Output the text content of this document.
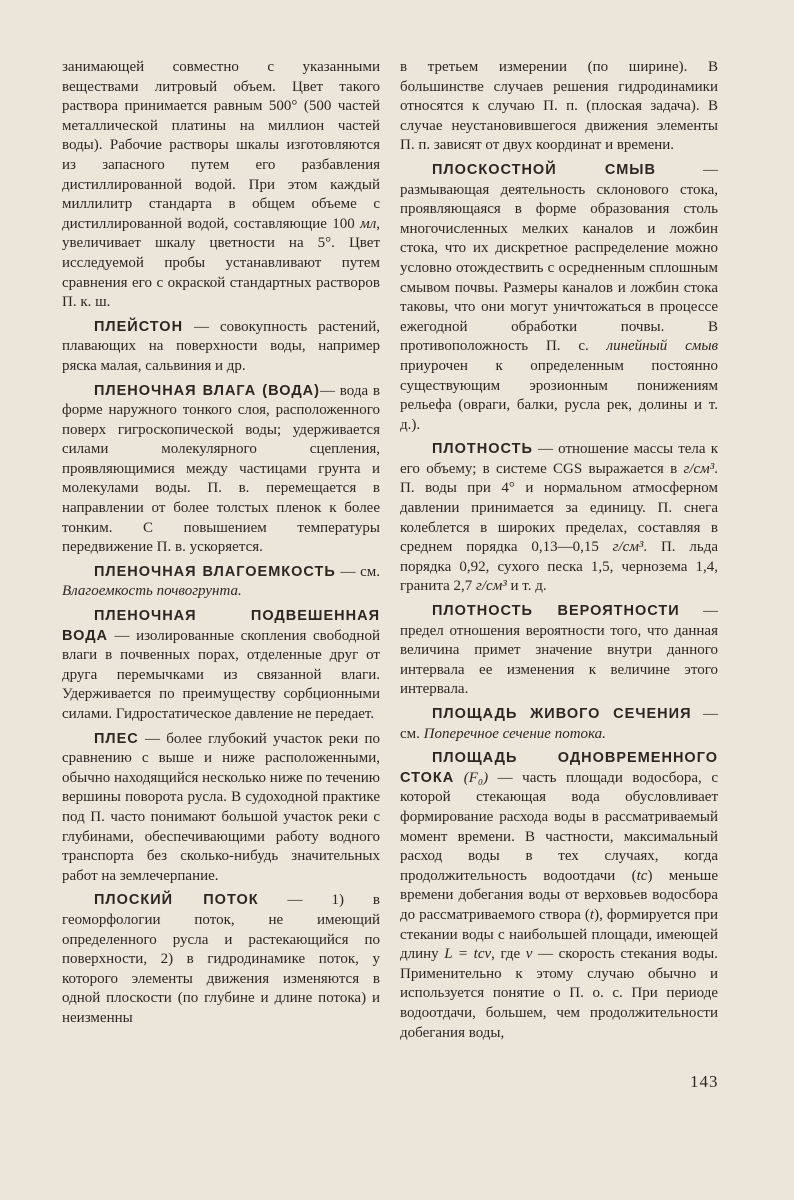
занимающей совместно с указанными веществами литровый объем. Цвет такого раствора принимается равным 500° (500 частей металлической платины на миллион частей воды). Рабочие растворы шкалы изготовляются из запасного путем его разбавления дистиллированной водой. При этом каждый миллилитр стандарта в общем объеме с дистиллированной водой, составляющие 100 мл, увеличивает шкалу цветности на 5°. Цвет исследуемой пробы устанавливают путем сравнения его с окраской стандартных растворов П. к. ш.

ПЛЕЙСТОН — совокупность растений, плавающих на поверхности воды, например ряска малая, сальвиния и др.

ПЛЕНОЧНАЯ ВЛАГА (ВОДА)— вода в форме наружного тонкого слоя, расположенного поверх гигроскопической воды; удерживается силами молекулярного сцепления, проявляющимися между частицами грунта и молекулами воды. П. в. перемещается в направлении от более толстых пленок к более тонким. С повышением температуры передвижение П. в. ускоряется.

ПЛЕНОЧНАЯ ВЛАГОЕМКОСТЬ — см. Влагоемкость почвогрунта.

ПЛЕНОЧНАЯ ПОДВЕШЕННАЯ ВОДА — изолированные скопления свободной влаги в почвенных порах, отделенные друг от друга перемычками из связанной влаги. Удерживается по преимуществу сорбционными силами. Гидростатическое давление не передает.

ПЛЕС — более глубокий участок реки по сравнению с выше и ниже расположенными, обычно находящийся несколько ниже по течению вершины поворота русла. В судоходной практике под П. часто понимают большой участок реки с глубинами, обеспечивающими работу водного транспорта без сколько-нибудь значительных работ на землечерпание.

ПЛОСКИЙ ПОТОК — 1) в геоморфологии поток, не имеющий определенного русла и растекающийся по поверхности, 2) в гидродинамике поток, у которого элементы движения изменяются в одной плоскости (по глубине и длине потока) и неизменны

в третьем измерении (по ширине). В большинстве случаев решения гидродинамики относятся к случаю П. п. (плоская задача). В случае неустановившегося движения элементы П. п. зависят от двух координат и времени.

ПЛОСКОСТНОЙ СМЫВ — размывающая деятельность склонового стока, проявляющаяся в форме образования столь многочисленных мелких каналов и ложбин стока, что их дискретное распределение можно условно отождествить с осредненным сплошным смывом почвы. Размеры каналов и ложбин стока таковы, что они могут уничтожаться в процессе ежегодной обработки почвы. В противоположность П. с. линейный смыв приурочен к определенным постоянно существующим эрозионным понижениям рельефа (овраги, балки, русла рек, долины и т. д.).

ПЛОТНОСТЬ — отношение массы тела к его объему; в системе CGS выражается в г/см³. П. воды при 4° и нормальном атмосферном давлении принимается за единицу. П. снега колеблется в широких пределах, составляя в среднем порядка 0,13—0,15 г/см³. П. льда порядка 0,92, сухого песка 1,5, чернозема 1,4, гранита 2,7 г/см³ и т. д.

ПЛОТНОСТЬ ВЕРОЯТНОСТИ — предел отношения вероятности того, что данная величина примет значение внутри данного интервала ее изменения к величине этого интервала.

ПЛОЩАДЬ ЖИВОГО СЕЧЕНИЯ — см. Поперечное сечение потока.

ПЛОЩАДЬ ОДНОВРЕМЕННОГО СТОКА (F₀) — часть площади водосбора, с которой стекающая вода обусловливает формирование расхода воды в рассматриваемый момент времени. В частности, максимальный расход воды в тех случаях, когда продолжительность водоотдачи (tc) меньше времени добегания воды от верховьев водосбора до рассматриваемого створа (t), формируется при стекании воды с наибольшей площади, имеющей длину L = tcv, где v — скорость стекания воды. Применительно к этому случаю обычно и используется понятие о П. о. с. При периоде водоотдачи, большем, чем продолжительности добегания воды,

143
